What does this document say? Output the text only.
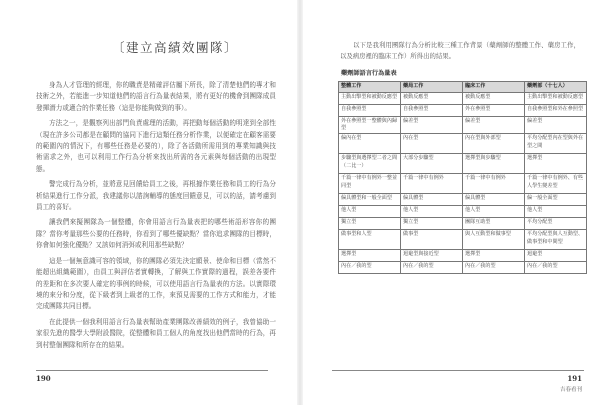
〔建立高績效團隊〕

身為人才管理的經理，你的職責是精確評估屬下所長，除了清楚他們的專才和技術之外，若能進一步知道他們的語言行為量表結果，將有更好的機會到團隊成員發揮潛力或適合的作業任務（這是你能夠做到的事）。

方法之一，是觀察列出部門負責處理的活動，再把動每個活動的明達到全部性（現在許多公司都是在顧問的協同下進行這類任務分析作業，以便確定在顧客需要的範圍內的情況下，有哪些任務是必要的），除了各活動所需用到的專業知識與技術需求之外，也可以利用工作行為分析來找出所需的各元素與每個活動的出現型態。

警完成行為分析，並將意見回饋給員工之後，再根據作業任務和員工的行為分析結果進行工作分派，我建議你以諮詢輔導的態度回饋意見，可以的話，請考慮到員工的喜好。

讓我們來擬團隊為一個整體，你會用語言行為量表把的哪些術語形容你的團隊？當你考量那些公要的任務時，你看到了哪些優缺點？當你追求團隊的目標時，你會如何強化優點？又該如何消弭或利用那些缺點？

這是一個無意識可容的領域，你的團隊必須先決定願景、使命和目標（當然不能超出組織範圍），由員工與評估者實轉換，了解與工作實際的過程，誤差各要件的差距和在多次要人確定的事例的時候，可以使用語言行為量表的方法。以實際環境的來分和分度，從下級者到上級者的工作，來預見需要的工作方式和能力，才能完成團隊共同目標。

在此提供一個我利用語言行為量表幫助產業團隊改善績效的例子，我曾協助一家很先進的醫學大學附設醫院，從整體和員工個人的角度找出他們當時的行為，再到村整個團隊和所存在的結果。

190

以下是我利用團隊行為分析比較三種工作背景（藥劑師的整體工作、藥房工作，以及病房裡的臨床工作）所得出的結果。

藥劑師語言行為量表
整體工作	藥局工作	臨床工作	藥劑部（十七人）
主動出擊型和被動反應型	被動反應型	被動反應型	主動出擊型和被動反應型
自我參照型	自我參照型	外在參照型	自我參照型和外在參照型
外在參照型一整體與內歸型	偏差型	偏差型	偏差型
偏內在型	內在型	內在型與外部型	平均分配型內在型與外在型之間
步驟型與選擇型二者之間（二比一）	大部分步驟型	選擇型與步驟型	選擇型
千篇一律中有例外一整並同型	千篇一律中有例外	千篇一律中有例外	千篇一律中有例外、有些人學生變差型
偏具體型和一般全面型	偏具體型	偏具體型	偏一般全面型
他人型	他人型	他人型	他人型
獨立型	獨立型	團隊互助型	平均分配型
做事型和人型	做事型	與人互動型和做事型	平均分配型與人互動型、做事型和中間型
選擇型	迴避型與接近型	選擇型	迴避型
內在／我的型	內在／我的型	內在／我的型	內在／我的型
191
吉春看刊
